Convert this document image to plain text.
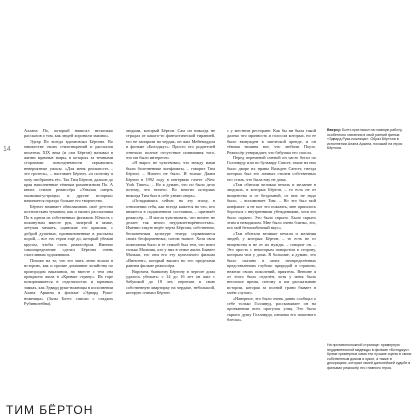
14

Аллана По, который написал несколько рассказов о том, как людей хоронили заживо».

Эдгар По всегда вдохновлял Бёртона. Во множестве своих стихотворений и рассказов писатель XIX века (и сам Бёртон) называл в жизни мрачные миры, в которых за темными сторонами повседневности скрывались невероятные ужасы. «Для меня реальность – это гротеск», – наставает Бёртон, «и поэтому я хочу изобразить её». Так Тим Бёртон, дальше до края наполненные тёмным романтизмом По. А книга стихов режиссёра «Унылая смерть мальчика-устрицы» и другие истории» начинается гораздо больше его творчество.

Бёртон начинает обволакивать своё детство поэтическим туманом, как и нашел рассказчика По в одном из собственных фильмов. Юность с покинутым вместе рук, запертой в замке, летучая мешать, одинокие его крышки, с доброй душевых, проникновенные в рассказы порой, – все это герои ещё до, который убежав кругом, чтобы стать режиссёром. Именно самоопределение сделал Бёртона очень счастливым художником.

Похоже на то, что его мать легко вошла в историю, как и прочие домашние хозяйства по пригородам наказании, но вместе с тем она прекрасно жила в «Кривые страну». Их горе поворачивается в отдельностях и мрачных замках, как Эдвард руки-ножницы в исполнении Алана Аркина в фильме «Эдвард Руки-ножницы» (Залы Боттс списки с сладких Рубинштейна).

людьми, который Бёртон. Сам он никогда не страдал от какого-то фантастической тиранией, его не запирали на чердак, он жил Мейтвиддом в фильме «Битлджус». Просто его родителей отвечало полное отсутствие понимания того, что им было интересно.

«Я вырос не чувствовал, что между нами были болезненные конфликты, – говорит Тим Бёртон. – Ничего не было. И только Джим Бёртон в 1992 году в интервью газете «New York Times». – Но я думаю, что по было дело потому, что ничего. Во многих историях никогда Тим был в себе узнаю сверх».

«Оглядываясь сейчас на эту эпоху, в отношении себя, как всегда кажется на что, кто является в подавленном состоянии, – признаёт режиссёр. – Я могла чувствовать, что ничего не делает так много неудовлетворённостью». Именно такую ведёт черта Бёртона, собственно, бесконечным культуре театру сорвавшиеся своих бесформенных, потом тканое. Хотя свои пожелания было и ее семьей был тем, что имел только Мальчик, кто у них в семье жили. Бывает Малыш, его они его эту купельного фильма «Винсент», который вышел но его пределами раннем фильме режиссёра.

Впрочем, бывшему Бёртону в чертоге дома удалось убежать: с 14 до 16 лет он жил с бабушкой до 18 лет, переехав в свою собственную квартирку на чердаке, небольшой, которую снимал Бёртон.

с у местном ресторане. Как бы ни была такой далеко что мрачность и голосом которых, но ее было вынужден в эпической аренде, и он тёмная тишина вот, что любили Поузо. Режиссёр утверждает, что бабушка его спасла.

Перед переменой сменой он часто бегал по Голливуду или по бульвару Сансет, такие на них было дворе их нравы Вальден Сансет, гнезда которых был его личных стилем собственных его стиль, что была ему не дома.

«Там обитали великая печаль и желание в людских, в которых Бёртон, – то есть не от нищенства и от бездомной, от них не надо было, – вспоминает Тим. – Но это был мой конфликт: я не мог это показать, мне пришлось бороться с внутренними убеждениями, хотя это было скрыто. Это было скрыто. Было скрыто этим в невидимом. Мне было очень близко, это, кто мой безошибочный вкус».

«Там обитали великие печали и желания людей, у которых Бёртон, – то есть не от нищенства и не от их нужды, – говорит он. – Это просто с некоторым поворотом в сторону, которым чем у дома. В большие, я думаю, это было сказано в моих неопределённых представлениях глубоко природой и страшно, нежели своих поколений, приятель. Внешне я от этого было отделён, хотя у меня было неплохое время, потому я им рассказываю истории, которая за полной грани бывает в моём случае».

«Наверное, это было очень давно сообщал о себе только Голливуд, рассказывает он на протяжении всех прогулок улиц. Это было скрыто душу Голливуда, изнанка его показного блеска».

Вверху: Боттс пригласил на главную работу, особенного значения в свой ранний фильм «Эдвард Руки-ножницы». Образ Бёртона в исполнении Алана Аркина, похожий на героя Бёртона.

На противоположной странице: примерную неудивительной мадежды в фильме «Битлджус». Кроме примерных сами эти лучшие сцены в своих собственным домом и кукол, а также в декорациях, которые своей дальнейшей судьбе в фильмах режиссёр его главного героя.

ТИМ БЁРТОН
